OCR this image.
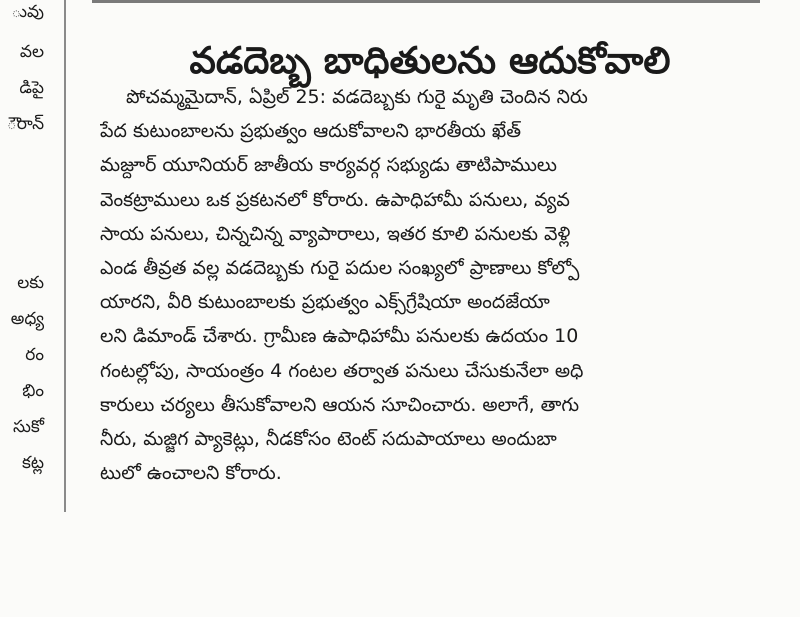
ువు
వల
డిపై
ౌరాన్
లకు
అధ్య
రం
భిం
సుకో
కట్ల
వడదెబ్బ బాధితులను ఆదుకోవాలి
పోచమ్మమైదాన్, ఏప్రిల్ 25: వడదెబ్బకు గురై మృతి చెందిన నిరు
పేద కుటుంబాలను ప్రభుత్వం ఆదుకోవాలని భారతీయ ఖేత్
మజ్దూర్ యూనియర్ జాతీయ కార్యవర్గ సభ్యుడు తాటిపాములు
వెంకట్రాములు ఒక ప్రకటనలో కోరారు. ఉపాధిహామీ పనులు, వ్యవ
సాయ పనులు, చిన్నచిన్న వ్యాపారాలు, ఇతర కూలి పనులకు వెళ్లి
ఎండ తీవ్రత వల్ల వడదెబ్బకు గురై పదుల సంఖ్యలో ప్రాణాలు కోల్పో
యారని, వీరి కుటుంబాలకు ప్రభుత్వం ఎక్స్‌గ్రేషియా అందజేయా
లని డిమాండ్ చేశారు. గ్రామీణ ఉపాధిహామీ పనులకు ఉదయం 10
గంటల్లోపు, సాయంత్రం 4 గంటల తర్వాత పనులు చేసుకునేలా అధి
కారులు చర్యలు తీసుకోవాలని ఆయన సూచించారు. అలాగే, తాగు
నీరు, మజ్జిగ ప్యాకెట్లు, నీడకోసం టెంట్ సదుపాయాలు అందుబా
టులో ఉంచాలని కోరారు.
